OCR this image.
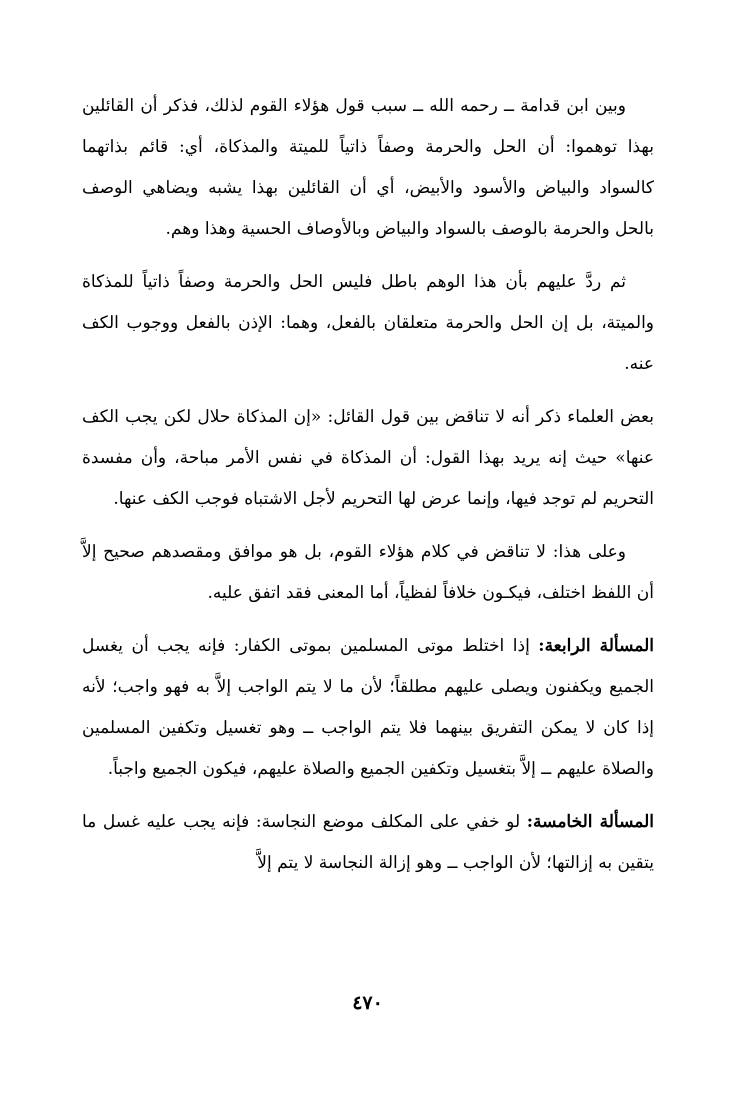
وبين ابن قدامة ــ رحمه الله ــ سبب قول هؤلاء القوم لذلك، فذكر أن القائلين بهذا توهموا: أن الحل والحرمة وصفاً ذاتياً للميتة والمذكاة، أي: قائم بذاتهما كالسواد والبياض والأسود والأبيض، أي أن القائلين بهذا يشبه ويضاهي الوصف بالحل والحرمة بالوصف بالسواد والبياض وبالأوصاف الحسية وهذا وهم.

ثم ردَّ عليهم بأن هذا الوهم باطل فليس الحل والحرمة وصفاً ذاتياً للمذكاة والميتة، بل إن الحل والحرمة متعلقان بالفعل، وهما: الإذن بالفعل ووجوب الكف عنه.

بعض العلماء ذكر أنه لا تناقض بين قول القائل: «إن المذكاة حلال لكن يجب الكف عنها» حيث إنه يريد بهذا القول: أن المذكاة في نفس الأمر مباحة، وأن مفسدة التحريم لم توجد فيها، وإنما عرض لها التحريم لأجل الاشتباه فوجب الكف عنها.

وعلى هذا: لا تناقض في كلام هؤلاء القوم، بل هو موافق ومقصدهم صحيح إلاَّ أن اللفظ اختلف، فيكـون خلافاً لفظياً، أما المعنى فقد اتفق عليه.

المسألة الرابعة: إذا اختلط موتى المسلمين بموتى الكفار: فإنه يجب أن يغسل الجميع ويكفنون ويصلى عليهم مطلقاً؛ لأن ما لا يتم الواجب إلاَّ به فهو واجب؛ لأنه إذا كان لا يمكن التفريق بينهما فلا يتم الواجب ــ وهو تغسيل وتكفين المسلمين والصلاة عليهم ــ إلاَّ بتغسيل وتكفين الجميع والصلاة عليهم، فيكون الجميع واجباً.

المسألة الخامسة: لو خفي على المكلف موضع النجاسة: فإنه يجب عليه غسل ما يتقين به إزالتها؛ لأن الواجب ــ وهو إزالة النجاسة لا يتم إلاَّ

٤٧٠
